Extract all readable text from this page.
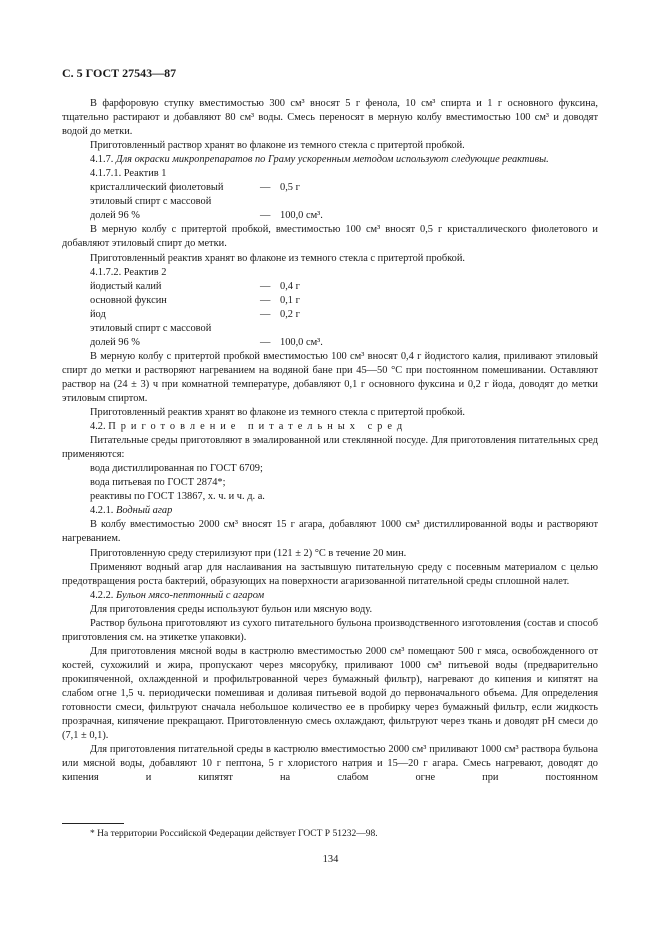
С. 5 ГОСТ 27543—87

В фарфоровую ступку вместимостью 300 см³ вносят 5 г фенола, 10 см³ спирта и 1 г основного фуксина, тщательно растирают и добавляют 80 см³ воды. Смесь переносят в мерную колбу вместимостью 100 см³ и доводят водой до метки.

Приготовленный раствор хранят во флаконе из темного стекла с притертой пробкой.

4.1.7. Для окраски микропрепаратов по Граму ускоренным методом используют следующие реактивы.

4.1.7.1. Реактив 1

кристаллический фиолетовый	— 0,5 г
этиловый спирт с массовой
долей 96 %	— 100,0 см³.

В мерную колбу с притертой пробкой, вместимостью 100 см³ вносят 0,5 г кристаллического фиолетового и добавляют этиловый спирт до метки.

Приготовленный реактив хранят во флаконе из темного стекла с притертой пробкой.

4.1.7.2. Реактив 2

йодистый калий	— 0,4 г
основной фуксин	— 0,1 г
йод	— 0,2 г
этиловый спирт с массовой
долей 96 %	— 100,0 см³.

В мерную колбу с притертой пробкой вместимостью 100 см³ вносят 0,4 г йодистого калия, приливают этиловый спирт до метки и растворяют нагреванием на водяной бане при 45—50 °С при постоянном помешивании. Оставляют раствор на (24 ± 3) ч при комнатной температуре, добавляют 0,1 г основного фуксина и 0,2 г йода, доводят до метки этиловым спиртом.

Приготовленный реактив хранят во флаконе из темного стекла с притертой пробкой.

4.2. Приготовление питательных сред

Питательные среды приготовляют в эмалированной или стеклянной посуде. Для приготовления питательных сред применяются:

вода дистиллированная по ГОСТ 6709;

вода питьевая по ГОСТ 2874*;

реактивы по ГОСТ 13867, х. ч. и ч. д. а.

4.2.1. Водный агар

В колбу вместимостью 2000 см³ вносят 15 г агара, добавляют 1000 см³ дистиллированной воды и растворяют нагреванием.

Приготовленную среду стерилизуют при (121 ± 2) °С в течение 20 мин.

Применяют водный агар для наслаивания на застывшую питательную среду с посевным материалом с целью предотвращения роста бактерий, образующих на поверхности агаризованной питательной среды сплошной налет.

4.2.2. Бульон мясо-пептонный с агаром

Для приготовления среды используют бульон или мясную воду.

Раствор бульона приготовляют из сухого питательного бульона производственного изготовления (состав и способ приготовления см. на этикетке упаковки).

Для приготовления мясной воды в кастрюлю вместимостью 2000 см³ помещают 500 г мяса, освобожденного от костей, сухожилий и жира, пропускают через мясорубку, приливают 1000 см³ питьевой воды (предварительно прокипяченной, охлажденной и профильтрованной через бумажный фильтр), нагревают до кипения и кипятят на слабом огне 1,5 ч. периодически помешивая и доливая питьевой водой до первоначального объема. Для определения готовности смеси, фильтруют сначала небольшое количество ее в пробирку через бумажный фильтр, если жидкость прозрачная, кипячение прекращают. Приготовленную смесь охлаждают, фильтруют через ткань и доводят рН смеси до (7,1 ± 0,1).

Для приготовления питательной среды в кастрюлю вместимостью 2000 см³ приливают 1000 см³ раствора бульона или мясной воды, добавляют 10 г пептона, 5 г хлористого натрия и 15—20 г агара. Смесь нагревают, доводят до кипения и кипятят на слабом огне при постоянном

* На территории Российской Федерации действует ГОСТ Р 51232—98.
134
